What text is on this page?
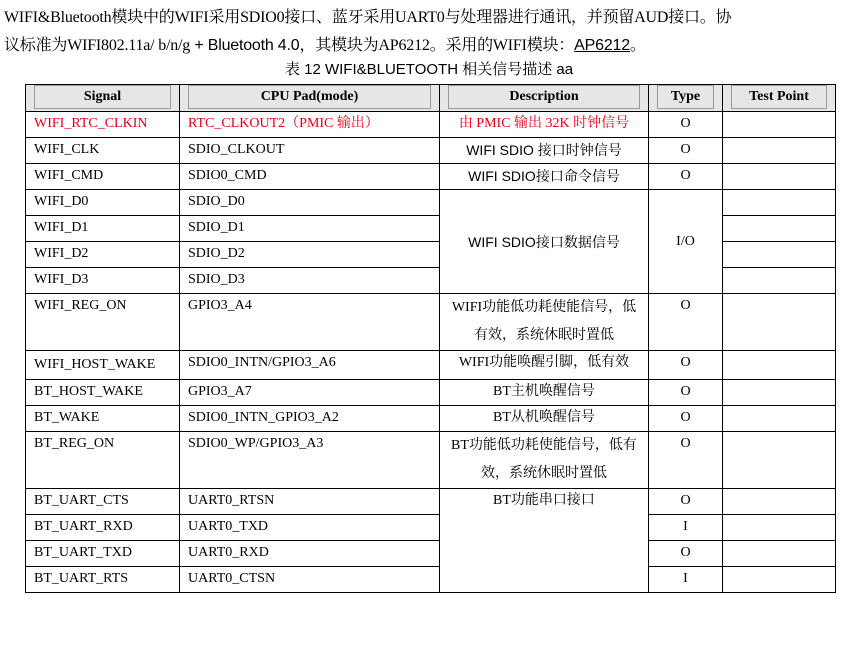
WIFI&Bluetooth模块中的WIFI采用SDIO0接口、蓝牙采用UART0与处理器进行通讯，并预留AUD接口。协
议标准为WIFI802.11a/ b/n/g + Bluetooth 4.0，其模块为AP6212。采用的WIFI模块：AP6212。
表 12 WIFI&BLUETOOTH 相关信号描述 aa
Signal	CPU Pad(mode)	Description	Type	Test Point

WIFI_RTC_CLKIN	RTC_CLKOUT2（PMIC 输出）	由 PMIC 输出 32K 时钟信号	O	
WIFI_CLK	SDIO_CLKOUT	WIFI SDIO 接口时钟信号	O	
WIFI_CMD	SDIO0_CMD	WIFI SDIO接口命令信号	O	
WIFI_D0	SDIO_D0	WIFI SDIO接口数据信号	I/O	
WIFI_D1	SDIO_D1			
WIFI_D2	SDIO_D2			
WIFI_D3	SDIO_D3			
WIFI_REG_ON	GPIO3_A4	WIFI功能低功耗使能信号，低有效，系统休眠时置低	O	
WIFI_HOST_WAKE	SDIO0_INTN/GPIO3_A6	WIFI功能唤醒引脚，低有效	O	
BT_HOST_WAKE	GPIO3_A7	BT主机唤醒信号	O	
BT_WAKE	SDIO0_INTN_GPIO3_A2	BT从机唤醒信号	O	
BT_REG_ON	SDIO0_WP/GPIO3_A3	BT功能低功耗使能信号，低有效，系统休眠时置低	O	
BT_UART_CTS	UART0_RTSN	BT功能串口接口	O	
BT_UART_RXD	UART0_TXD		I	
BT_UART_TXD	UART0_RXD		O	
BT_UART_RTS	UART0_CTSN		I	
